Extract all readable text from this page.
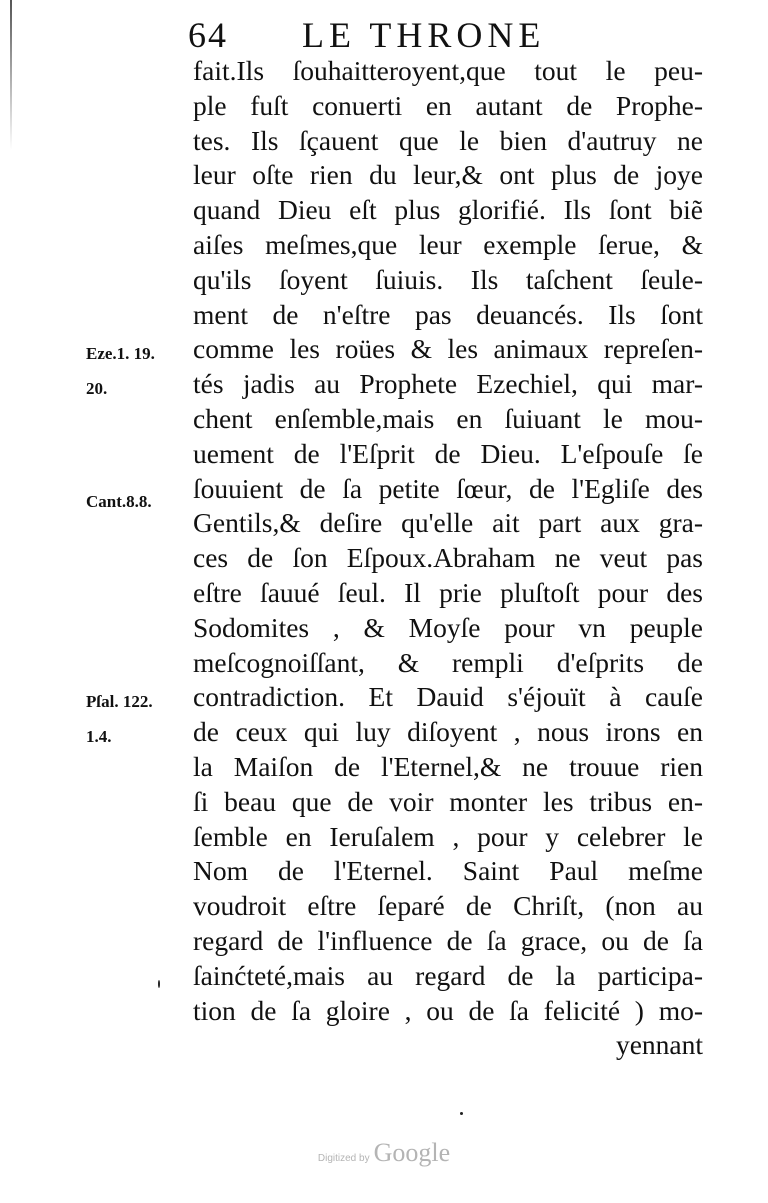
64 LE THRONE
fait.Ils ſouhaitteroyent,que tout le peu-
ple fuſt conuerti en autant de Prophe-
tes. Ils ſçauent que le bien d'autruy ne
leur oſte rien du leur,& ont plus de joye
quand Dieu eſt plus glorifié. Ils ſont biẽ
aiſes meſmes,que leur exemple ſerue, &
qu'ils ſoyent ſuiuis. Ils taſchent ſeule-
ment de n'eſtre pas deuancés. Ils ſont
comme les roües & les animaux repreſen-
tés jadis au Prophete Ezechiel, qui mar-
chent enſemble,mais en ſuiuant le mou-
uement de l'Eſprit de Dieu. L'eſpouſe ſe
ſouuient de ſa petite ſœur, de l'Egliſe des
Gentils,& deſire qu'elle ait part aux gra-
ces de ſon Eſpoux.Abraham ne veut pas
eſtre ſauué ſeul. Il prie pluſtoſt pour des
Sodomites , & Moyſe pour vn peuple
meſcognoiſſant, & rempli d'eſprits de
contradiction. Et Dauid s'éjouït à cauſe
de ceux qui luy diſoyent , nous irons en
la Maiſon de l'Eternel,& ne trouue rien
ſi beau que de voir monter les tribus en-
ſemble en Ieruſalem , pour y celebrer le
Nom de l'Eternel. Saint Paul meſme
voudroit eſtre ſeparé de Chriſt, (non au
regard de l'influence de ſa grace, ou de ſa
ſainćteté,mais au regard de la participa-
tion de ſa gloire , ou de ſa felicité ) mo-
yennant
Eze.1. 19.
20.
Cant.8.8.
Pſal. 122.
1.4.
Digitized by Google
